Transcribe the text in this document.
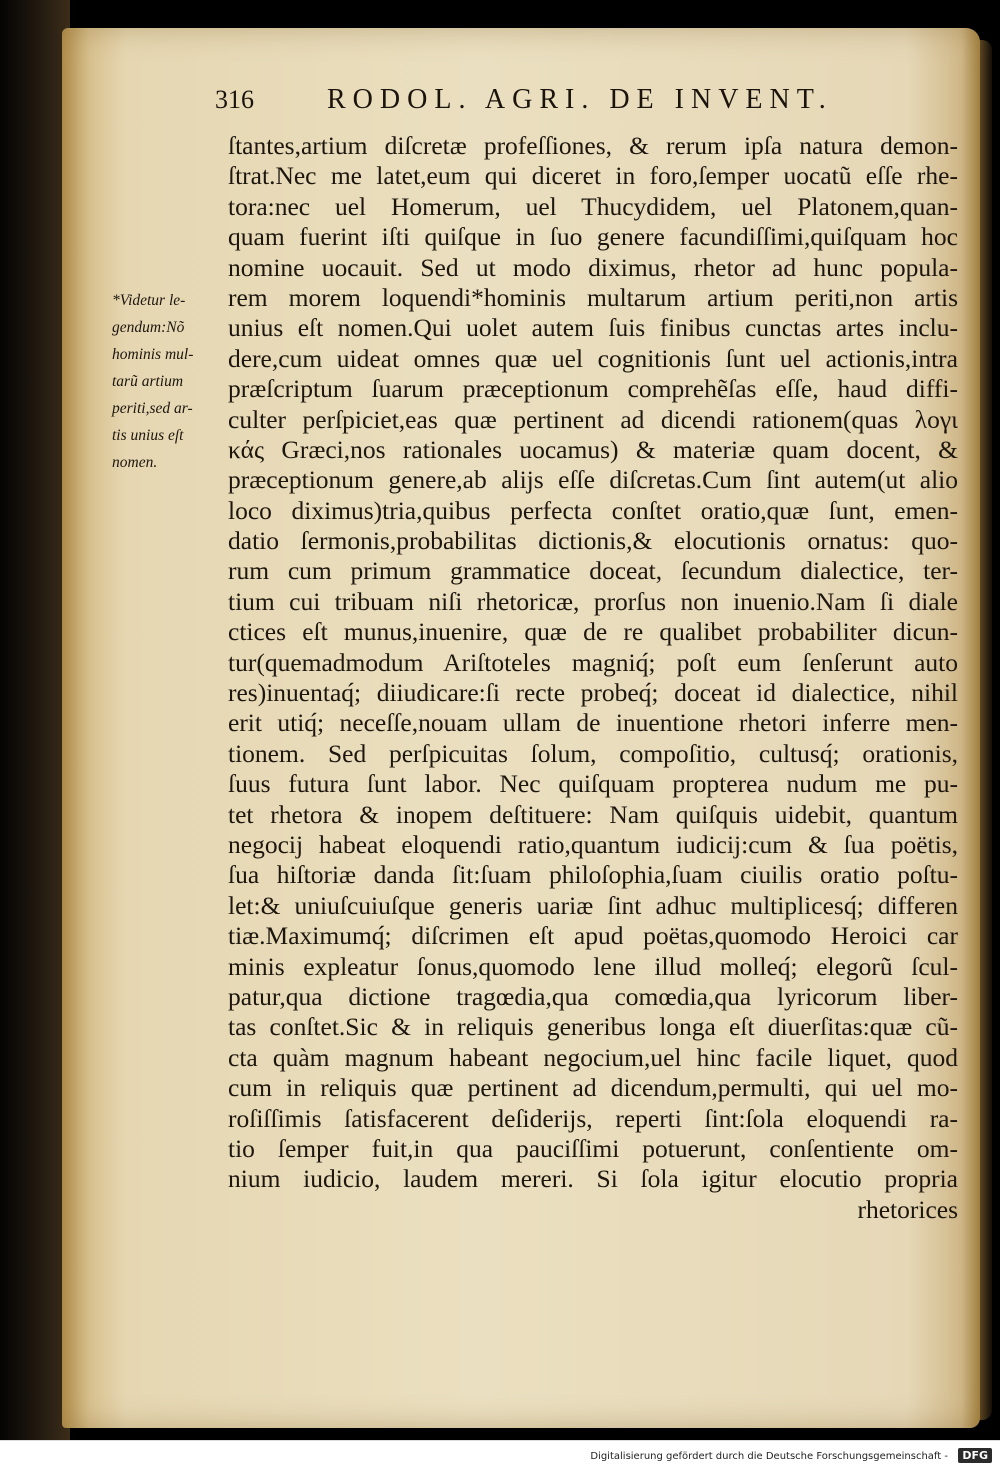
316	RODOL. AGRI. DE INVENT.
*Videtur le-
gendum:Nõ
hominis mul-
tarũ artium
periti,sed ar-
tis unius eſt
nomen.
ſtantes,artium diſcretæ profeſſiones, & rerum ipſa natura demon-
ſtrat.Nec me latet,eum qui diceret in foro,ſemper uocatũ eſſe rhe-
tora:nec uel Homerum, uel Thucydidem, uel Platonem,quan-
quam fuerint iſti quiſque in ſuo genere facundiſſimi,quiſquam hoc
nomine uocauit. Sed ut modo diximus, rhetor ad hunc popula-
rem morem loquendi*hominis multarum artium periti,non artis
unius eſt nomen.Qui uolet autem ſuis finibus cunctas artes inclu-
dere,cum uideat omnes quæ uel cognitionis ſunt uel actionis,intra
præſcriptum ſuarum præceptionum comprehẽſas eſſe, haud diffi-
culter perſpiciet,eas quæ pertinent ad dicendi rationem(quas λογι
κάς Græci,nos rationales uocamus) & materiæ quam docent, &
præceptionum genere,ab alijs eſſe diſcretas.Cum ſint autem(ut alio
loco diximus)tria,quibus perfecta conſtet oratio,quæ ſunt, emen-
datio ſermonis,probabilitas dictionis,& elocutionis ornatus: quo-
rum cum primum grammatice doceat, ſecundum dialectice, ter-
tium cui tribuam niſi rhetoricæ, prorſus non inuenio.Nam ſi diale
ctices eſt munus,inuenire, quæ de re qualibet probabiliter dicun-
tur(quemadmodum Ariſtoteles magniq́; poſt eum ſenſerunt auto
res)inuentaq́; diiudicare:ſi recte probeq́; doceat id dialectice, nihil
erit utiq́; neceſſe,nouam ullam de inuentione rhetori inferre men-
tionem. Sed perſpicuitas ſolum, compoſitio, cultusq́; orationis,
ſuus futura ſunt labor. Nec quiſquam propterea nudum me pu-
tet rhetora & inopem deſtituere: Nam quiſquis uidebit, quantum
negocij habeat eloquendi ratio,quantum iudicij:cum & ſua poëtis,
ſua hiſtoriæ danda ſit:ſuam philoſophia,ſuam ciuilis oratio poſtu-
let:& uniuſcuiuſque generis uariæ ſint adhuc multiplicesq́; differen
tiæ.Maximumq́; diſcrimen eſt apud poëtas,quomodo Heroici car
minis expleatur ſonus,quomodo lene illud molleq́; elegorũ ſcul-
patur,qua dictione tragœdia,qua comœdia,qua lyricorum liber-
tas conſtet.Sic & in reliquis generibus longa eſt diuerſitas:quæ cũ-
cta quàm magnum habeant negocium,uel hinc facile liquet, quod
cum in reliquis quæ pertinent ad dicendum,permulti, qui uel mo-
roſiſſimis ſatisfacerent deſiderijs, reperti ſint:ſola eloquendi ra-
tio ſemper fuit,in qua pauciſſimi potuerunt, conſentiente om-
nium iudicio, laudem mereri. Si ſola igitur elocutio propria
rhetorices
Digitalisierung gefördert durch die Deutsche Forschungsgemeinschaft -	DFG
